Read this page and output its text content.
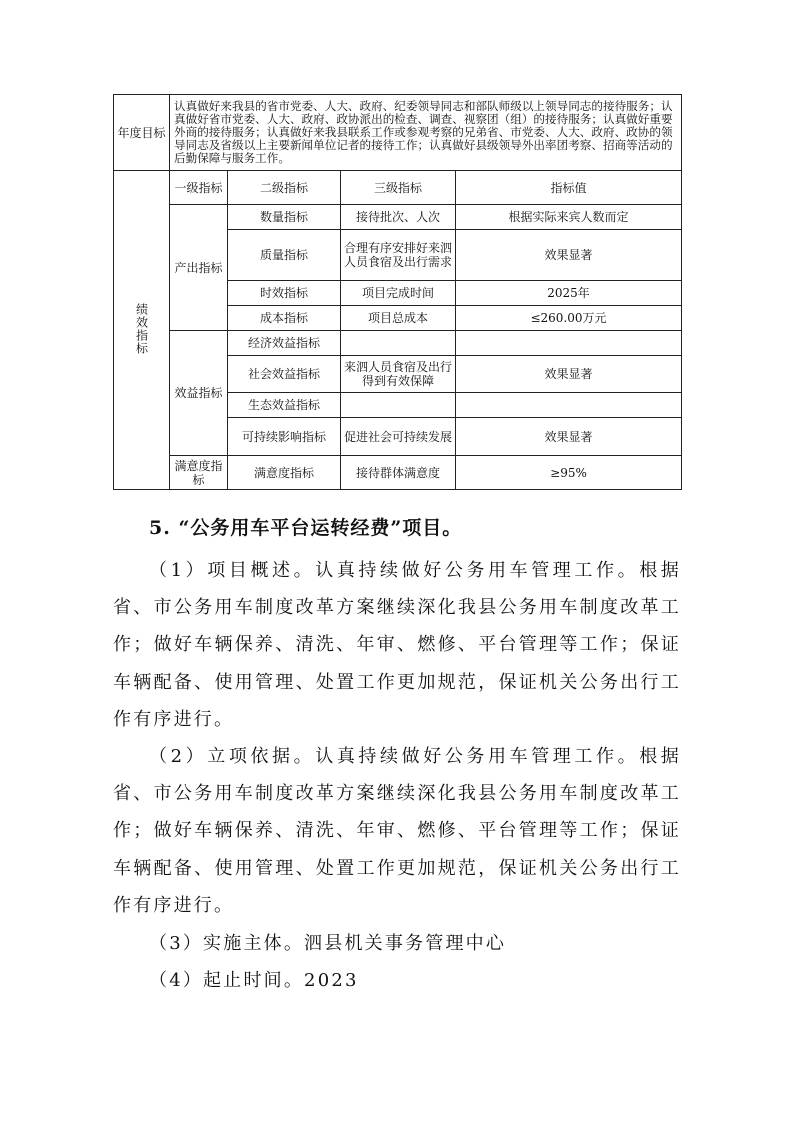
年度目标	认真做好来我县的省市党委、人大、政府、纪委领导同志和部队师级以上领导同志的接待服务；认真做好省市党委、人大、政府、政协派出的检查、调查、视察团（组）的接待服务；认真做好重要外商的接待服务；认真做好来我县联系工作或参观考察的兄弟省、市党委、人大、政府、政协的领导同志及省级以上主要新闻单位记者的接待工作；认真做好县级领导外出率团考察、招商等活动的后勤保障与服务工作。			
绩效指标	一级指标	二级指标	三级指标	指标值
	产出指标	数量指标	接待批次、人次	根据实际来宾人数而定
		质量指标	合理有序安排好来泗人员食宿及出行需求	效果显著
		时效指标	项目完成时间	2025年
		成本指标	项目总成本	≤260.00万元
	效益指标	经济效益指标		
		社会效益指标	来泗人员食宿及出行得到有效保障	效果显著
		生态效益指标		
		可持续影响指标	促进社会可持续发展	效果显著
	满意度指标	满意度指标	接待群体满意度	≥95%
5. “公务用车平台运转经费”项目。

（1）项目概述。认真持续做好公务用车管理工作。根据省、市公务用车制度改革方案继续深化我县公务用车制度改革工作；做好车辆保养、清洗、年审、燃修、平台管理等工作；保证车辆配备、使用管理、处置工作更加规范，保证机关公务出行工作有序进行。

（2）立项依据。认真持续做好公务用车管理工作。根据省、市公务用车制度改革方案继续深化我县公务用车制度改革工作；做好车辆保养、清洗、年审、燃修、平台管理等工作；保证车辆配备、使用管理、处置工作更加规范，保证机关公务出行工作有序进行。

（3）实施主体。泗县机关事务管理中心

（4）起止时间。2023
